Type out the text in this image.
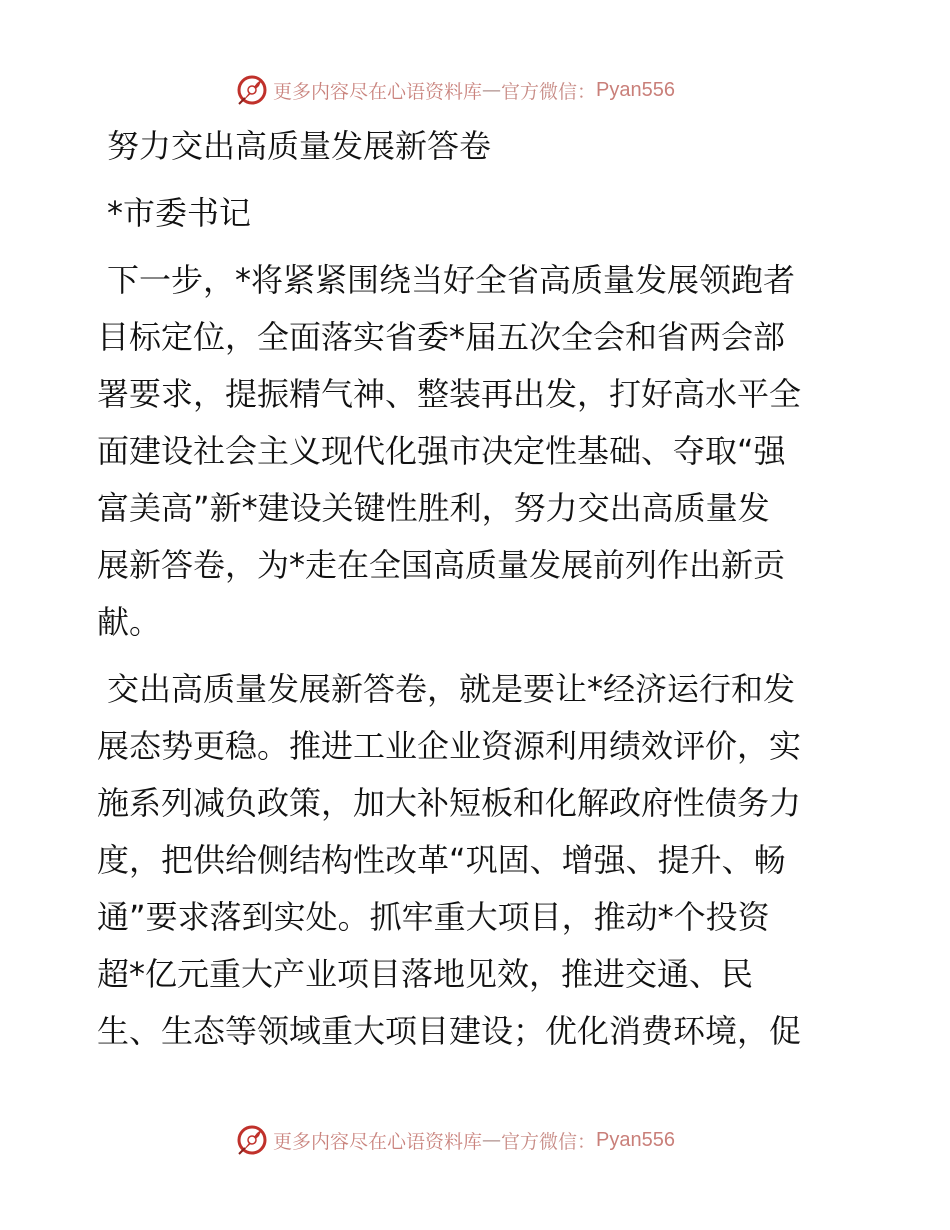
更多内容尽在心语资料库 — 官方微信 ： Pyan556
努力交出高质量发展新答卷
*市委书记
下一步，*将紧紧围绕当好全省高质量发展领跑者
目标定位，全面落实省委*届五次全会和省两会部
署要求，提振精气神、整装再出发，打好高水平全
面建设社会主义现代化强市决定性基础、夺取“强
富美高”新*建设关键性胜利，努力交出高质量发
展新答卷，为*走在全国高质量发展前列作出新贡
献。
交出高质量发展新答卷，就是要让*经济运行和发
展态势更稳。推进工业企业资源利用绩效评价，实
施系列减负政策，加大补短板和化解政府性债务力
度，把供给侧结构性改革“巩固、增强、提升、畅
通”要求落到实处。抓牢重大项目，推动*个投资
超*亿元重大产业项目落地见效，推进交通、民
生、生态等领域重大项目建设；优化消费环境，促
更多内容尽在心语资料库 — 官方微信 ： Pyan556
